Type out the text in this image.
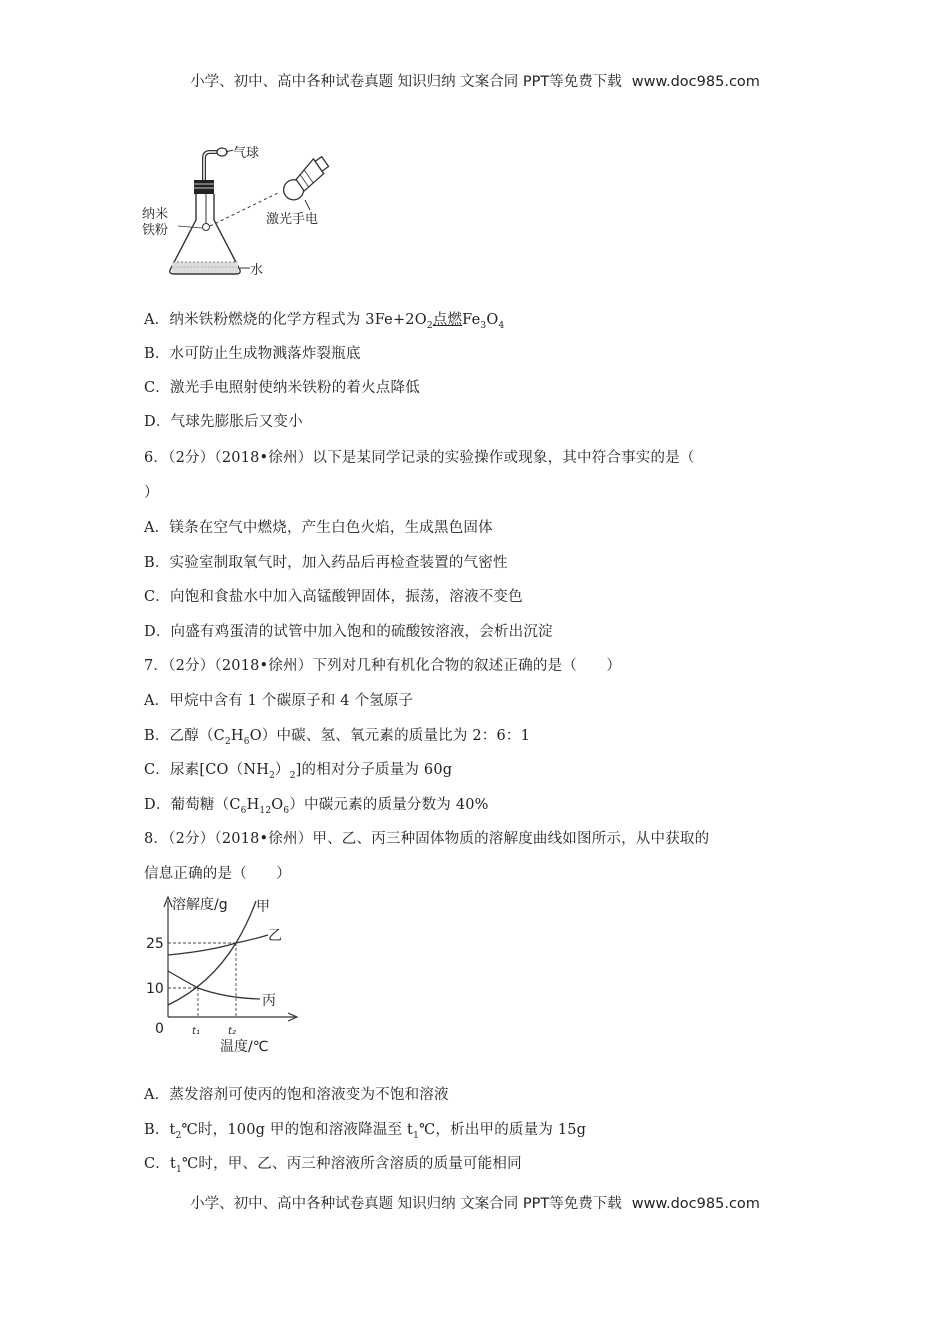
小学、初中、高中各种试卷真题 知识归纳 文案合同 PPT等免费下载 www.doc985.com
气球
水
纳米
铁粉
激光手电
A．纳米铁粉燃烧的化学方程式为 $3Fe+2O_2$点燃$Fe_3O_4$
B．水可防止生成物溅落炸裂瓶底
C．激光手电照射使纳米铁粉的着火点降低
D．气球先膨胀后又变小
6．（2分）（2018•徐州）以下是某同学记录的实验操作或现象，其中符合事实的是（
）
A．镁条在空气中燃烧，产生白色火焰，生成黑色固体
B．实验室制取氧气时，加入药品后再检查装置的气密性
C．向饱和食盐水中加入高锰酸钾固体，振荡，溶液不变色
D．向盛有鸡蛋清的试管中加入饱和的硫酸铵溶液，会析出沉淀
7．（2分）（2018•徐州）下列对几种有机化合物的叙述正确的是（　　）
A．甲烷中含有 1 个碳原子和 4 个氢原子
B．乙醇$(C_2H_6O)$中碳、氢、氧元素的质量比为 2：6：1
C．尿素$[CO(NH_2)_2]$的相对分子质量为 60g
D．葡萄糖$(C_6H_{12}O_6)$中碳元素的质量分数为 40%
8．（2分）（2018•徐州）甲、乙、丙三种固体物质的溶解度曲线如图所示，从中获取的
信息正确的是（　　）
溶解度/g
温度/℃
0
25
10
t₁	t₂
甲
乙
丙
A．蒸发溶剂可使丙的饱和溶液变为不饱和溶液
B．$t_2℃$时，100g 甲的饱和溶液降温至 $t_1℃$，析出甲的质量为 15g
C．$t_1℃$时，甲、乙、丙三种溶液所含溶质的质量可能相同
小学、初中、高中各种试卷真题 知识归纳 文案合同 PPT等免费下载 www.doc985.com
